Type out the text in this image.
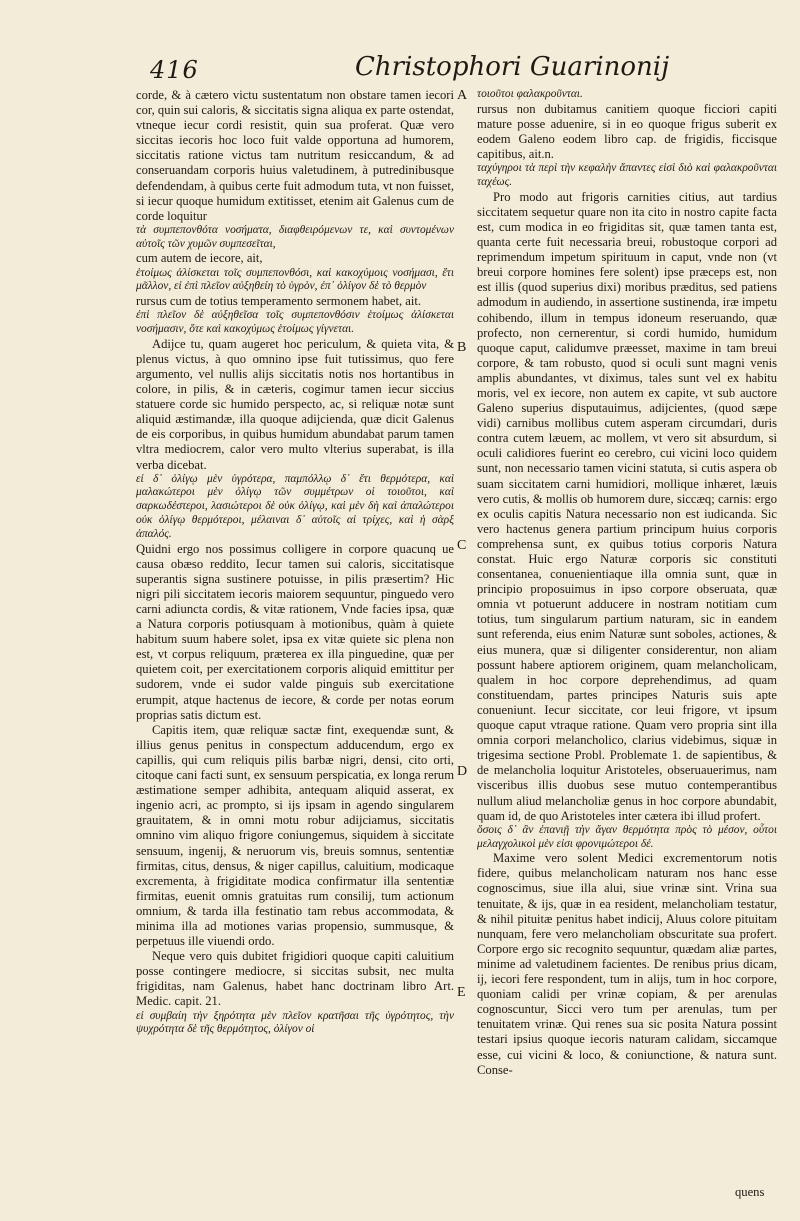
416	Christophori Guarinonij

corde, & à cætero victu sustentatum non obstare tamen iecori cor, quin sui caloris, & siccitatis signa aliqua ex parte ostendat, vtneque iecur cordi resistit, quin sua proferat. Quæ vero siccitas iecoris hoc loco fuit valde opportuna ad humorem, siccitatis ratione victus tam nutritum resiccandum, & ad conseruandam corporis huius valetudinem, à putredinibusque defendendam, à quibus certe fuit admodum tuta, vt non fuisset, si iecur quoque humidum extitisset, etenim ait Galenus cum de corde loquitur

τὰ συμπεπονθότα νοσήματα, διαφθειρόμενων τε, καὶ συντομένων αὐτοῖς τῶν χυμῶν συμπεσεῖται,

cum autem de iecore, ait,

ἑτοίμως ἁλίσκεται τοῖς συμπεπονθόσι, καὶ κακοχύμοις νοσήμασι, ἔτι μᾶλλον, εἰ ἐπὶ πλεῖον αὐξηθείη τὸ ὑγρὸν, ἐπ᾽ ὀλίγον δὲ τὸ θερμὸν

rursus cum de totius temperamento sermonem habet, ait.

ἐπὶ πλεῖον δὲ αὐξηθεῖσα τοῖς συμπεπονθόσιν ἑτοίμως ἁλίσκεται νοσήμασιν, ὅτε καὶ κακοχύμως ἑτοίμως γίγνεται.

Adijce tu, quam augeret hoc periculum, & quieta vita, & plenus victus, à quo omnino ipse fuit tutissimus, quo fere argumento, vel nullis alijs siccitatis notis nos hortantibus in colore, in pilis, & in cæteris, cogimur tamen iecur siccius statuere corde sic humido perspecto, ac, si reliquæ notæ sunt aliquid æstimandæ, illa quoque adijcienda, quæ dicit Galenus de eis corporibus, in quibus humidum abundabat parum tamen vltra mediocrem, calor vero multo vlterius superabat, is illa verba dicebat.

εἰ δ᾽ ὀλίγῳ μὲν ὑγρότερα, παμπόλλῳ δ᾽ ἔτι θερμότερα, καὶ μαλακώτεροι μὲν ὀλίγῳ τῶν συμμέτρων οἱ τοιοῦτοι, καὶ σαρκωδέστεροι, λασιώτεροι δὲ οὐκ ὀλίγῳ, καὶ μὲν δὴ καὶ ἀπαλώτεροι οὐκ ὀλίγῳ θερμότεροι, μέλαιναι δ᾽ αὐτοῖς αἱ τρίχες, καὶ ἡ σὰρξ ἁπαλός.

Quidni ergo nos possimus colligere in corpore quacunq ue causa obæso reddito, Iecur tamen sui caloris, siccitatisque superantis signa sustinere potuisse, in pilis præsertim? Hic nigri pili siccitatem iecoris maiorem sequuntur, pinguedo vero carni adiuncta cordis, & vitæ rationem, Vnde facies ipsa, quæ a Natura corporis potiusquam à motionibus, quàm à quiete habitum suum habere solet, ipsa ex vitæ quiete sic plena non est, vt corpus reliquum, præterea ex illa pinguedine, quæ per quietem coit, per exercitationem corporis aliquid emittitur per sudorem, vnde ei sudor valde pinguis sub exercitatione erumpit, atque hactenus de iecore, & corde per notas eorum proprias satis dictum est.

Capitis item, quæ reliquæ sactæ fint, exequendæ sunt, & illius genus penitus in conspectum adducendum, ergo ex capillis, qui cum reliquis pilis barbæ nigri, densi, cito orti, citoque cani facti sunt, ex sensuum perspicatia, ex longa rerum æstimatione semper adhibita, antequam aliquid asserat, ex ingenio acri, ac prompto, si ijs ipsam in agendo singularem grauitatem, & in omni motu robur adijciamus, siccitatis omnino vim aliquo frigore coniungemus, siquidem à siccitate sensuum, ingenij, & neruorum vis, breuis somnus, sententiæ firmitas, citus, densus, & niger capillus, caluitium, modicaque excrementa, à frigiditate modica confirmatur illa sententiæ firmitas, euenit omnis gratuitas rum consilij, tum actionum omnium, & tarda illa festinatio tam rebus accommodata, & minima illa ad motiones varias propensio, summusque, & perpetuus ille viuendi ordo.

Neque vero quis dubitet frigidiori quoque capiti caluitium posse contingere mediocre, si siccitas subsit, nec multa frigiditas, nam Galenus, habet hanc doctrinam libro Art. Medic. capit. 21.

εἰ συμβαίη τὴν ξηρότητα μὲν πλεῖον κρατῆσαι τῆς ὑγρότητος, τὴν ψυχρότητα δὲ τῆς θερμότητος, ὀλίγον οἱ

A
B
C
D
E

τοιοῦτοι φαλακροῦνται.

rursus non dubitamus canitiem quoque ficciori capiti mature posse aduenire, si in eo quoque frigus suberit ex eodem Galeno eodem libro cap. de frigidis, ficcisque capitibus, ait.n.

ταχύγηροι τὰ περὶ τὴν κεφαλὴν ἅπαντες εἰσὶ διὸ καὶ φαλακροῦνται ταχέως.

Pro modo aut frigoris carnities citius, aut tardius siccitatem sequetur quare non ita cito in nostro capite facta est, cum modica in eo frigiditas sit, quæ tamen tanta est, quanta certe fuit necessaria breui, robustoque corpori ad reprimendum impetum spirituum in caput, vnde non (vt breui corpore homines fere solent) ipse præceps est, non est illis (quod superius dixi) moribus præditus, sed patiens admodum in audiendo, in assertione sustinenda, iræ impetu cohibendo, illum in tempus idoneum reseruando, quæ profecto, non cernerentur, si cordi humido, humidum quoque caput, calidumve præesset, maxime in tam breui corpore, & tam robusto, quod si oculi sunt magni venis amplis abundantes, vt diximus, tales sunt vel ex habitu moris, vel ex iecore, non autem ex capite, vt sub auctore Galeno superius disputauimus, adijcientes, (quod sæpe vidi) carnibus mollibus cutem asperam circumdari, duris contra cutem læuem, ac mollem, vt vero sit absurdum, si oculi calidiores fuerint eo cerebro, cui vicini loco quidem sunt, non necessario tamen vicini statuta, si cutis aspera ob suam siccitatem carni humidiori, mollique inhæret, læuis vero cutis, & mollis ob humorem dure, siccæq; carnis: ergo ex oculis capitis Natura necessario non est iudicanda. Sic vero hactenus genera partium principum huius corporis comprehensa sunt, ex quibus totius corporis Natura constat. Huic ergo Naturæ corporis sic constituti consentanea, conuenientiaque illa omnia sunt, quæ in principio proposuimus in ipso corpore obseruata, quæ omnia vt potuerunt adducere in nostram notitiam cum totius, tum singularum partium naturam, sic in eandem sunt referenda, eius enim Naturæ sunt soboles, actiones, & eius munera, quæ si diligenter considerentur, non aliam possunt habere aptiorem originem, quam melancholicam, qualem in hoc corpore deprehendimus, ad quam constituendam, partes principes Naturis suis apte conueniunt. Iecur siccitate, cor leui frigore, vt ipsum quoque caput vtraque ratione. Quam vero propria sint illa omnia corpori melancholico, clarius videbimus, siquæ in trigesima sectione Probl. Problemate 1. de sapientibus, & de melancholia loquitur Aristoteles, obseruauerimus, nam visceribus illis duobus sese mutuo contemperantibus nullum aliud melancholiæ genus in hoc corpore abundabit, quam id, de quo Aristoteles inter cætera ibi illud profert.

ὅσοις δ᾽ ἂν ἐπανιῇ τὴν ἄγαν θερμότητα πρὸς τὸ μέσον, οὗτοι μελαγχολικοὶ μὲν εἰσι φρονιμώτεροι δέ.

Maxime vero solent Medici excrementorum notis fidere, quibus melancholicam naturam nos hanc esse cognoscimus, siue illa alui, siue vrinæ sint. Vrina sua tenuitate, & ijs, quæ in ea resident, melancholiam testatur, & nihil pituitæ penitus habet indicij, Aluus colore pituitam nunquam, fere vero melancholiam obscuritate sua profert. Corpore ergo sic recognito sequuntur, quædam aliæ partes, minime ad valetudinem facientes. De renibus prius dicam, ij, iecori fere respondent, tum in alijs, tum in hoc corpore, quoniam calidi per vrinæ copiam, & per arenulas cognoscuntur, Sicci vero tum per arenulas, tum per tenuitatem vrinæ. Qui renes sua sic posita Natura possint testari ipsius quoque iecoris naturam calidam, siccamque esse, cui vicini & loco, & coniunctione, & natura sunt. Conse-

quens
